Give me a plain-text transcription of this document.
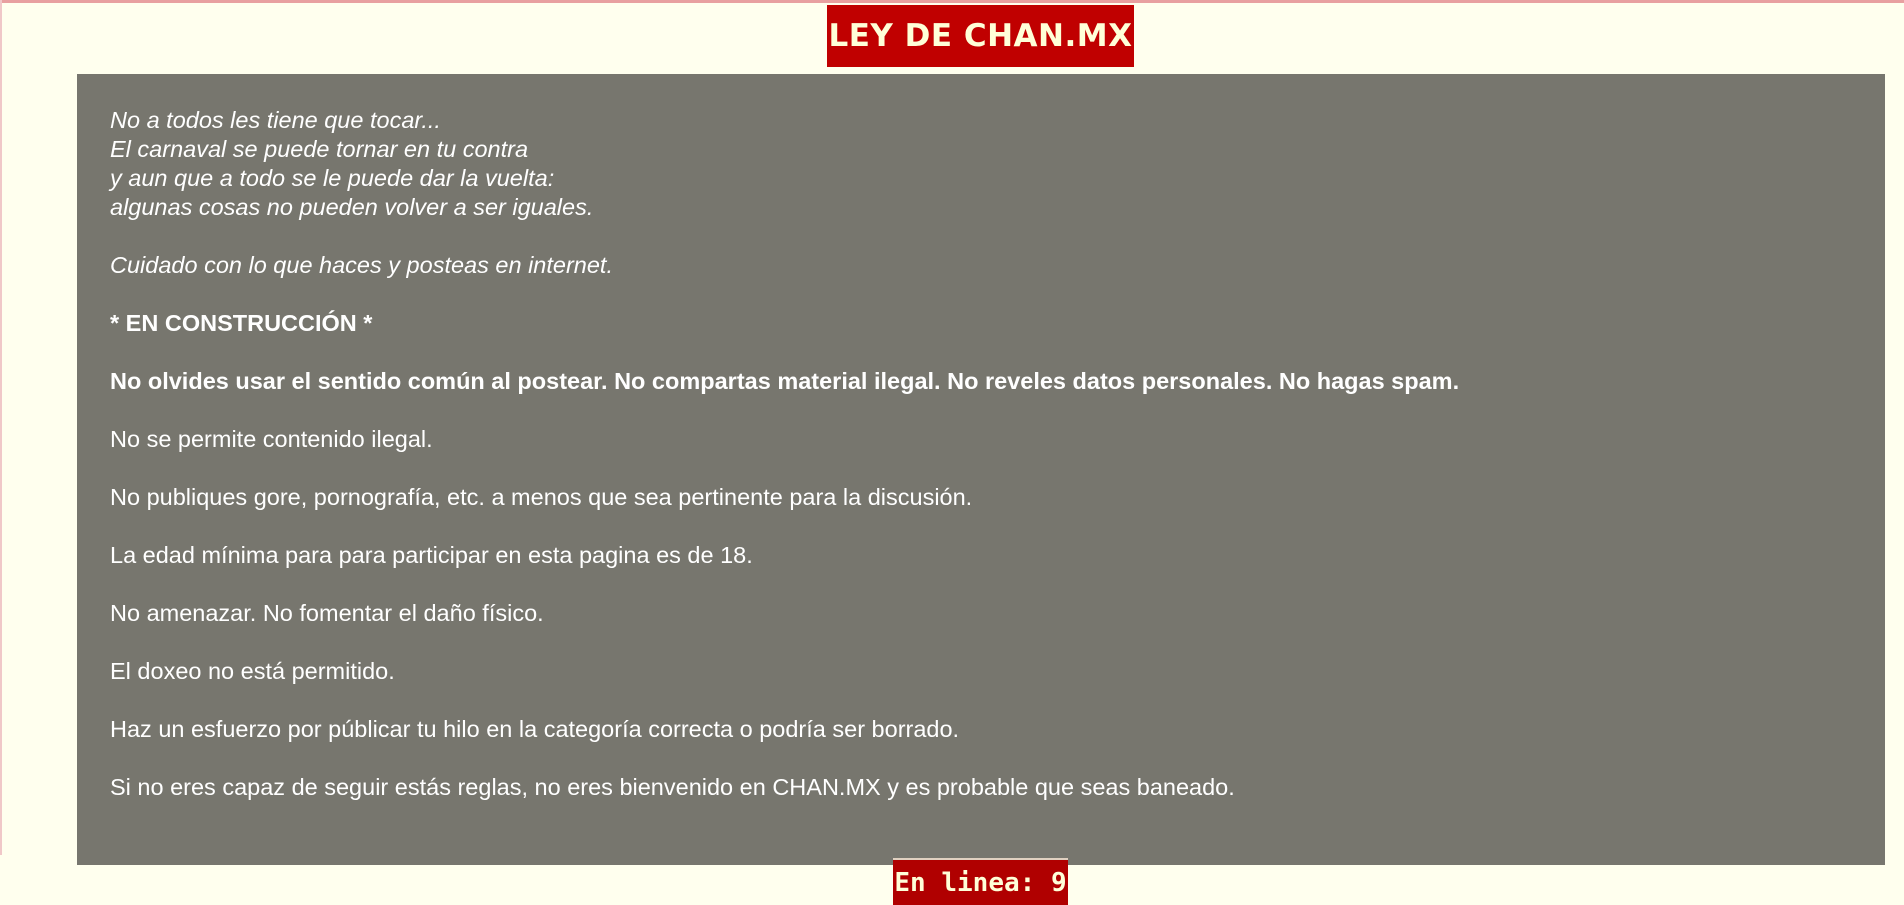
LEY DE CHAN.MX
No a todos les tiene que tocar...
El carnaval se puede tornar en tu contra
y aun que a todo se le puede dar la vuelta:
algunas cosas no pueden volver a ser iguales.

Cuidado con lo que haces y posteas en internet.

* EN CONSTRUCCIÓN *

No olvides usar el sentido común al postear. No compartas material ilegal. No reveles datos personales. No hagas spam.

No se permite contenido ilegal.

No publiques gore, pornografía, etc. a menos que sea pertinente para la discusión.

La edad mínima para para participar en esta pagina es de 18.

No amenazar. No fomentar el daño físico.

El doxeo no está permitido.

Haz un esfuerzo por públicar tu hilo en la categoría correcta o podría ser borrado.

Si no eres capaz de seguir estás reglas, no eres bienvenido en CHAN.MX y es probable que seas baneado.

En linea: 9
